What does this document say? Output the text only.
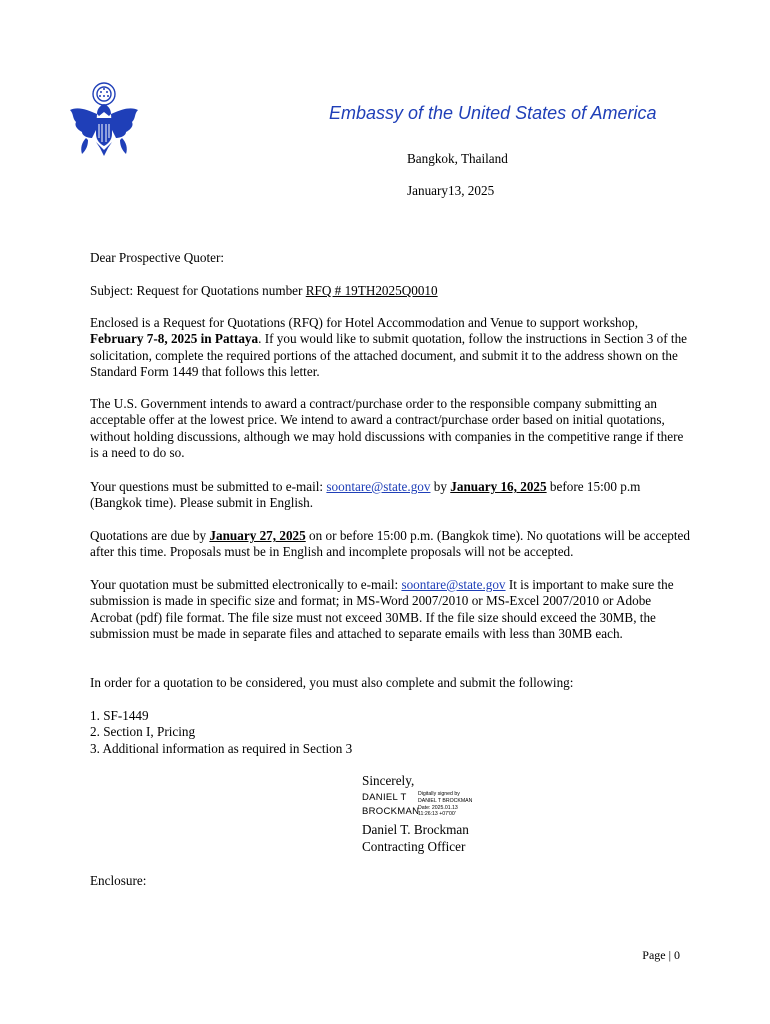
Embassy of the United States of America
Bangkok, Thailand
January13, 2025
Dear Prospective Quoter:
Subject: Request for Quotations number RFQ # 19TH2025Q0010
Enclosed is a Request for Quotations (RFQ) for Hotel Accommodation and Venue to support workshop, February 7-8, 2025 in Pattaya. If you would like to submit quotation, follow the instructions in Section 3 of the solicitation, complete the required portions of the attached document, and submit it to the address shown on the Standard Form 1449 that follows this letter.
The U.S. Government intends to award a contract/purchase order to the responsible company submitting an acceptable offer at the lowest price. We intend to award a contract/purchase order based on initial quotations, without holding discussions, although we may hold discussions with companies in the competitive range if there is a need to do so.
Your questions must be submitted to e-mail: soontare@state.gov by January 16, 2025 before 15:00 p.m (Bangkok time). Please submit in English.
Quotations are due by January 27, 2025 on or before 15:00 p.m. (Bangkok time). No quotations will be accepted after this time. Proposals must be in English and incomplete proposals will not be accepted.
Your quotation must be submitted electronically to e-mail: soontare@state.gov It is important to make sure the submission is made in specific size and format; in MS-Word 2007/2010 or MS-Excel 2007/2010 or Adobe Acrobat (pdf) file format. The file size must not exceed 30MB. If the file size should exceed the 30MB, the submission must be made in separate files and attached to separate emails with less than 30MB each.
In order for a quotation to be considered, you must also complete and submit the following:
1. SF-1449
2. Section I, Pricing
3. Additional information as required in Section 3
Sincerely,
DANIEL T
BROCKMAN
Digitally signed by
DANIEL T BROCKMAN
Date: 2025.01.13
11:26:13 +07'00'
Daniel T. Brockman
Contracting Officer
Enclosure:
Page | 0
